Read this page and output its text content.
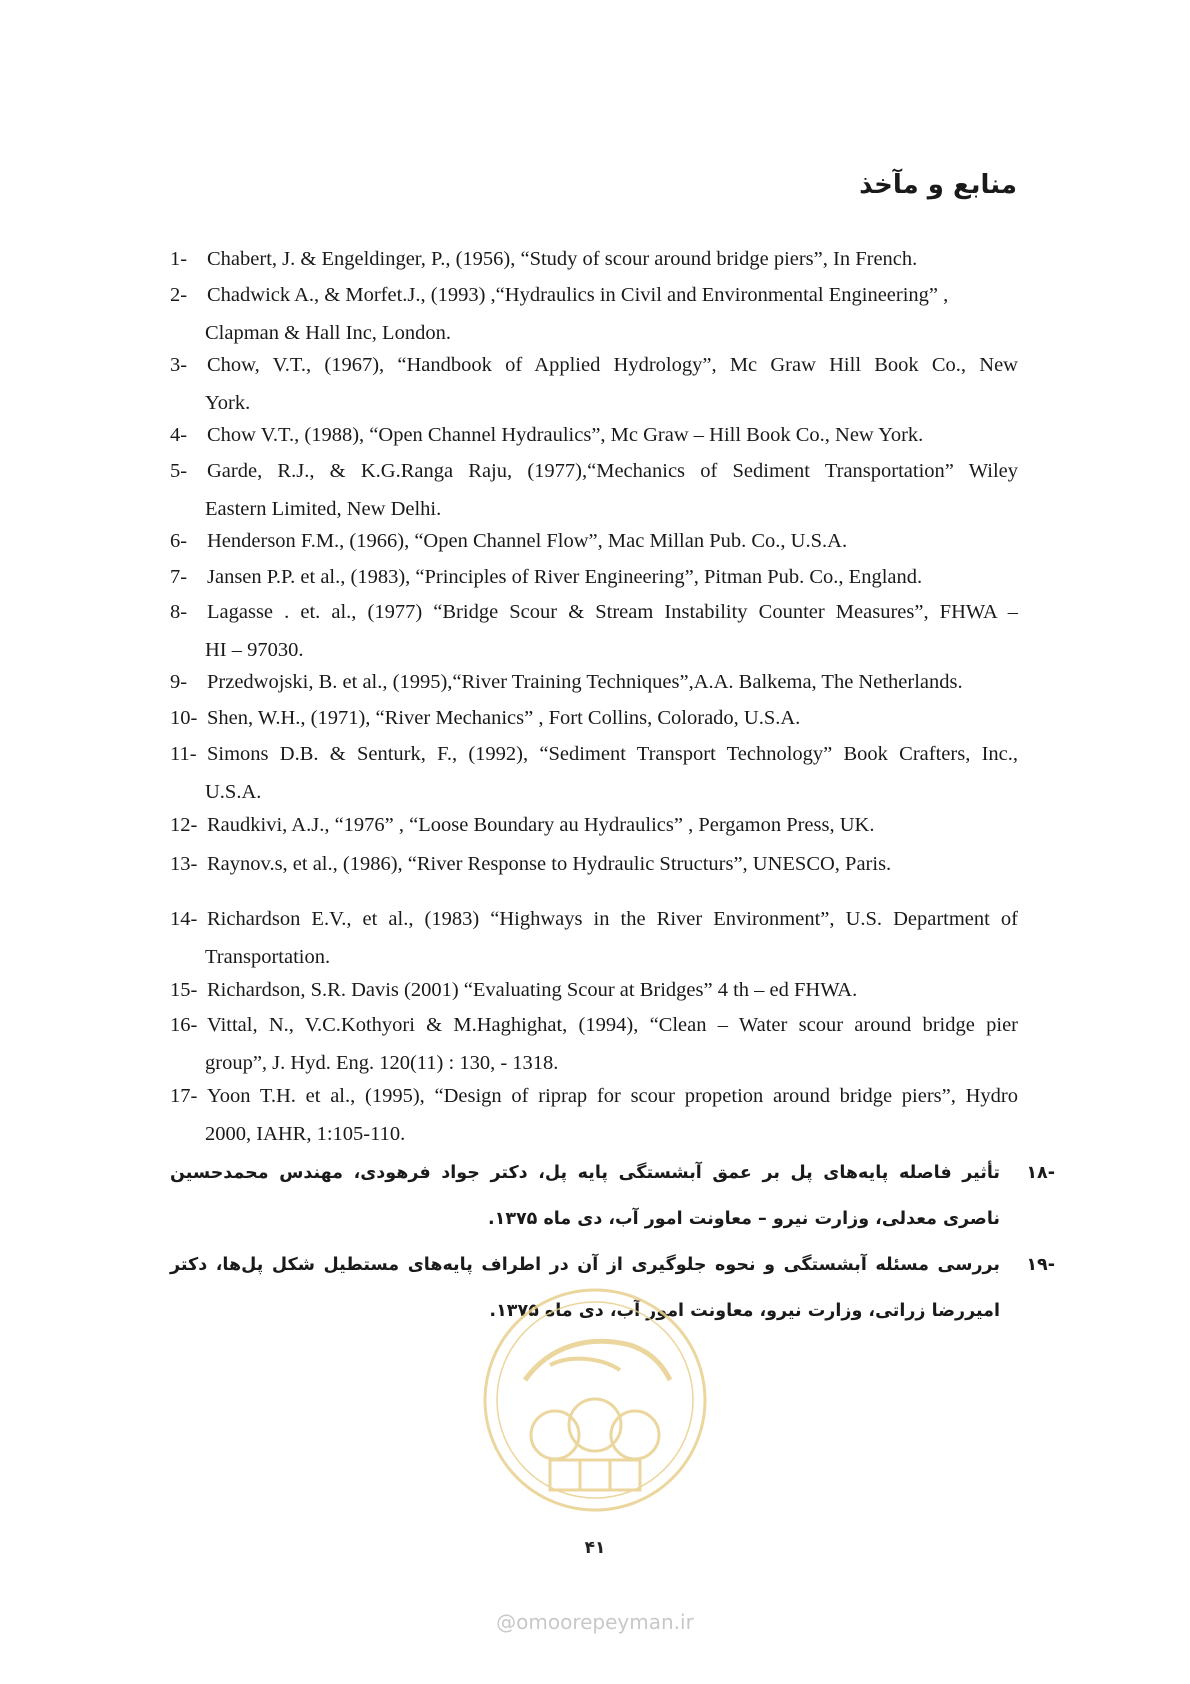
منابع و مآخذ
1- Chabert, J. & Engeldinger, P., (1956), “Study of scour around bridge piers”, In French.
2- Chadwick A., & Morfet.J., (1993) ,“Hydraulics in Civil and Environmental Engineering” ,
Clapman & Hall Inc, London.
3- Chow, V.T., (1967), “Handbook of Applied Hydrology”, Mc Graw Hill Book Co., New
York.
4- Chow V.T., (1988), “Open Channel Hydraulics”, Mc Graw – Hill Book Co., New York.
5- Garde, R.J., & K.G.Ranga Raju, (1977),“Mechanics of Sediment Transportation” Wiley
Eastern Limited, New Delhi.
6- Henderson F.M., (1966), “Open Channel Flow”, Mac Millan Pub. Co., U.S.A.
7- Jansen P.P. et al., (1983), “Principles of River Engineering”, Pitman Pub. Co., England.
8- Lagasse . et. al., (1977) “Bridge Scour & Stream Instability Counter Measures”, FHWA –
HI – 97030.
9- Przedwojski, B. et al., (1995),“River Training Techniques”,A.A. Balkema, The Netherlands.
10- Shen, W.H., (1971), “River Mechanics” , Fort Collins, Colorado, U.S.A.
11- Simons D.B. & Senturk, F., (1992), “Sediment Transport Technology” Book Crafters, Inc.,
U.S.A.
12- Raudkivi, A.J., “1976” , “Loose Boundary au Hydraulics” , Pergamon Press, UK.
13- Raynov.s, et al., (1986), “River Response to Hydraulic Structurs”, UNESCO, Paris.
14- Richardson E.V., et al., (1983) “Highways in the River Environment”, U.S. Department of
Transportation.
15- Richardson, S.R. Davis (2001) “Evaluating Scour at Bridges” 4 th – ed FHWA.
16- Vittal, N., V.C.Kothyori & M.Haghighat, (1994), “Clean – Water scour around bridge pier
group”, J. Hyd. Eng. 120(11) : 130, - 1318.
17- Yoon T.H. et al., (1995), “Design of riprap for scour propetion around bridge piers”, Hydro
2000, IAHR, 1:105-110.
-۱۸
تأثیر فاصله پایه‌های پل بر عمق آبشستگی پایه پل، دکتر جواد فرهودی، مهندس محمدحسین ناصری معدلی، وزارت نیرو – معاونت امور آب، دی ماه ۱۳۷۵.
-۱۹
بررسی مسئله آبشستگی و نحوه جلوگیری از آن در اطراف پایه‌های مستطیل شکل پل‌ها، دکتر امیررضا زراتی، وزارت نیرو، معاونت امور آب، دی ماه ۱۳۷۵.
۴۱
@omoorepeyman.ir
